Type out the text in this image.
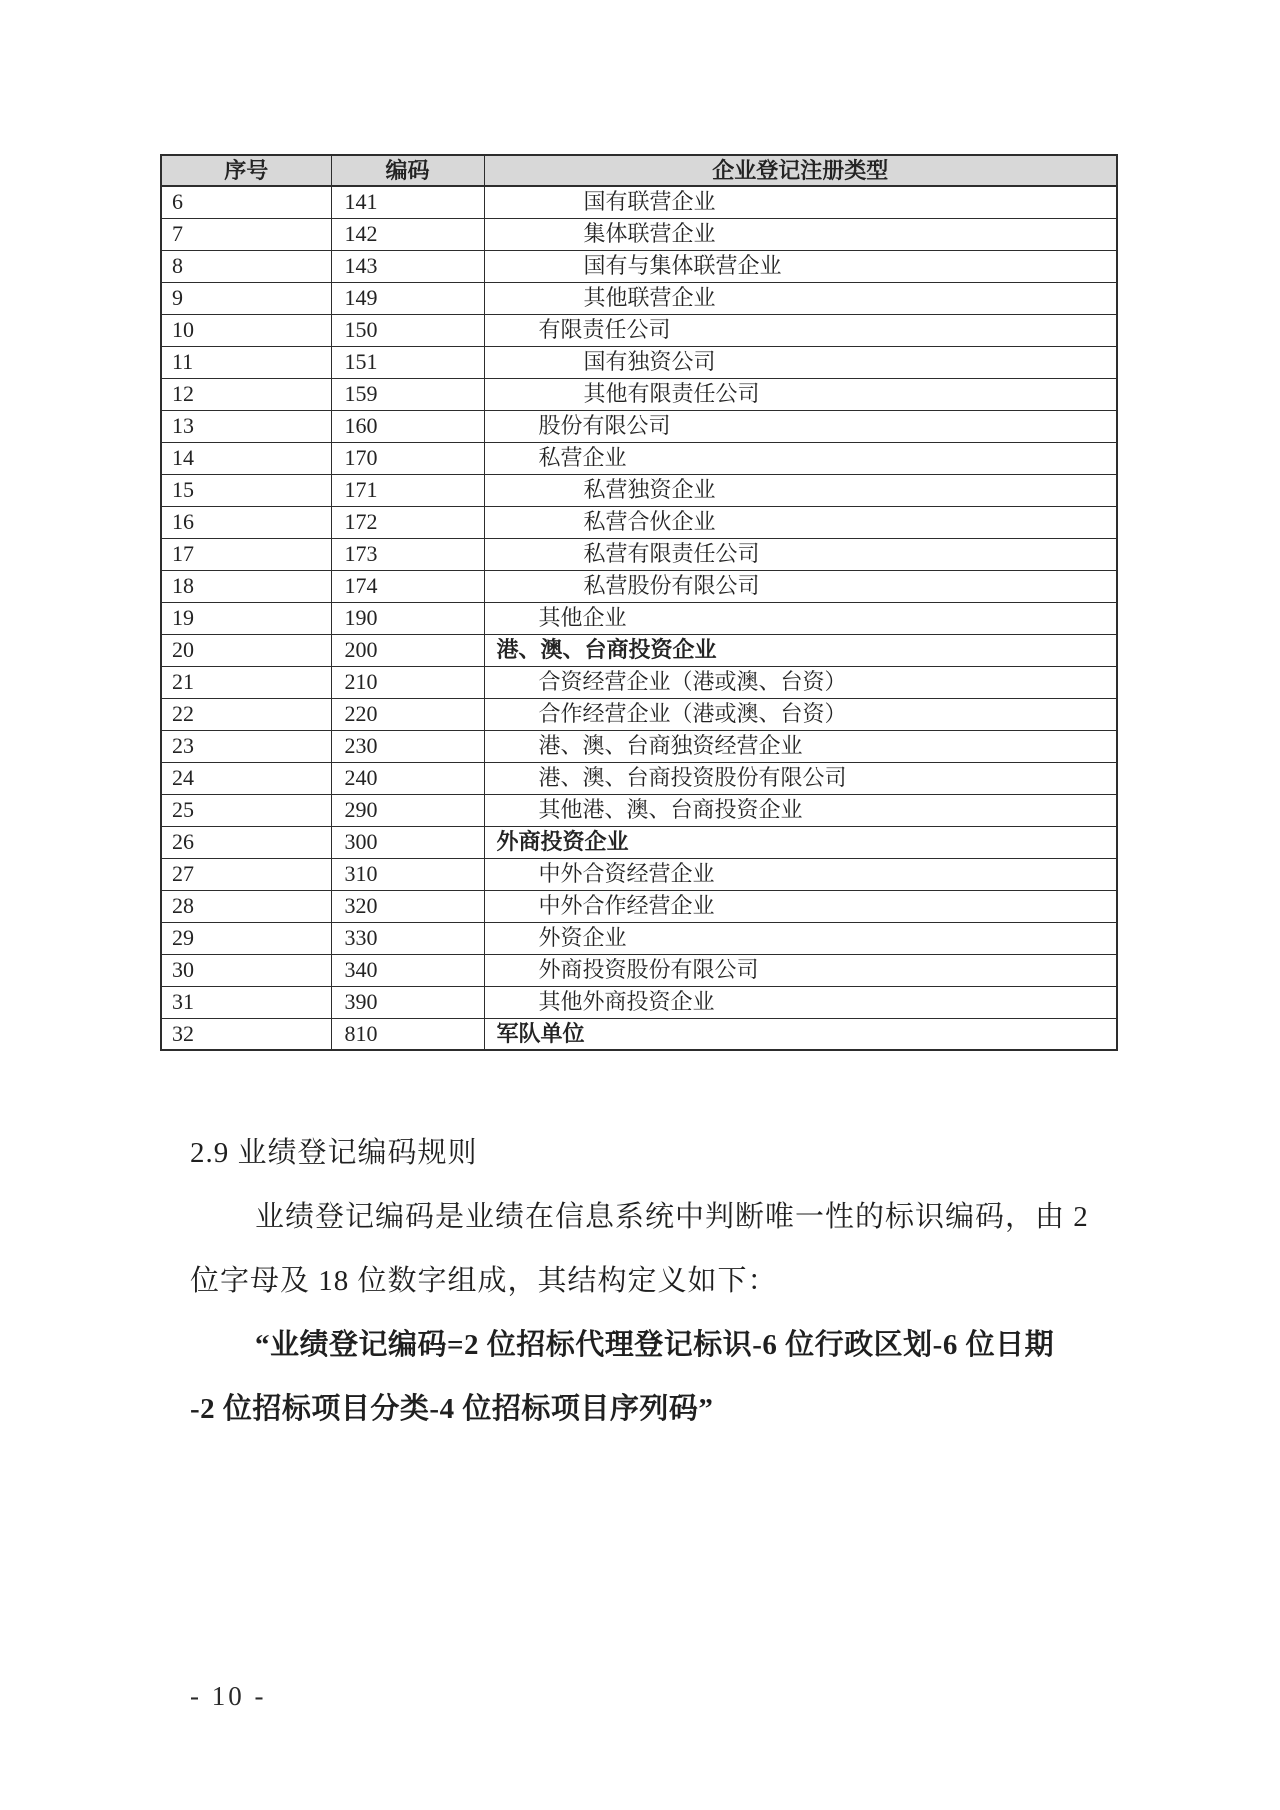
序号	编码	企业登记注册类型
6	141	国有联营企业
7	142	集体联营企业
8	143	国有与集体联营企业
9	149	其他联营企业
10	150	有限责任公司
11	151	国有独资公司
12	159	其他有限责任公司
13	160	股份有限公司
14	170	私营企业
15	171	私营独资企业
16	172	私营合伙企业
17	173	私营有限责任公司
18	174	私营股份有限公司
19	190	其他企业
20	200	港、澳、台商投资企业
21	210	合资经营企业（港或澳、台资）
22	220	合作经营企业（港或澳、台资）
23	230	港、澳、台商独资经营企业
24	240	港、澳、台商投资股份有限公司
25	290	其他港、澳、台商投资企业
26	300	外商投资企业
27	310	中外合资经营企业
28	320	中外合作经营企业
29	330	外资企业
30	340	外商投资股份有限公司
31	390	其他外商投资企业
32	810	军队单位
2.9 业绩登记编码规则
业绩登记编码是业绩在信息系统中判断唯一性的标识编码，由 2
位字母及 18 位数字组成，其结构定义如下：
“业绩登记编码=2 位招标代理登记标识-6 位行政区划-6 位日期
-2 位招标项目分类-4 位招标项目序列码”
- 10 -
